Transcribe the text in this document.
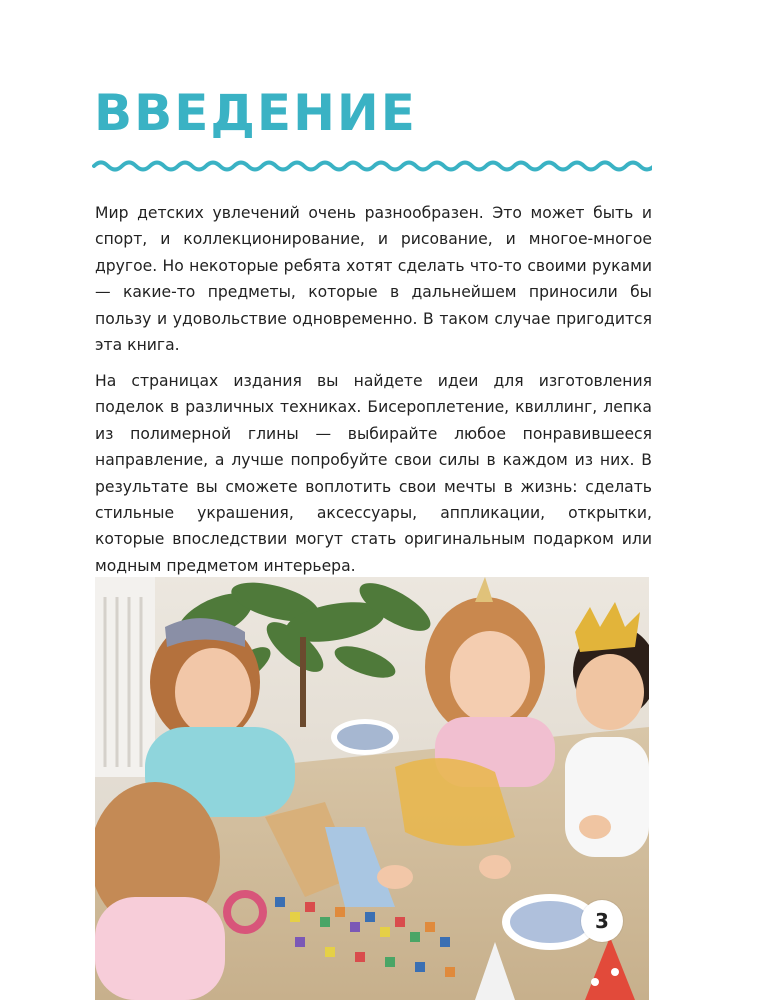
ВВЕДЕНИЕ

Мир детских увлечений очень разнообразен. Это может быть и спорт, и коллекционирование, и рисование, и многое-многое другое. Но некоторые ребята хотят сделать что-то своими руками — какие-то предметы, которые в дальнейшем приносили бы пользу и удовольствие одновременно. В таком случае пригодится эта книга.

На страницах издания вы найдете идеи для изготовления поделок в различных техниках. Бисероплетение, квиллинг, лепка из полимерной глины — выбирайте любое понравившееся направление, а лучше попробуйте свои силы в каждом из них. В результате вы сможете воплотить свои мечты в жизнь: сделать стильные украшения, аксессуары, аппликации, открытки, которые впоследствии могут стать оригинальным подарком или модным предметом интерьера.

3
